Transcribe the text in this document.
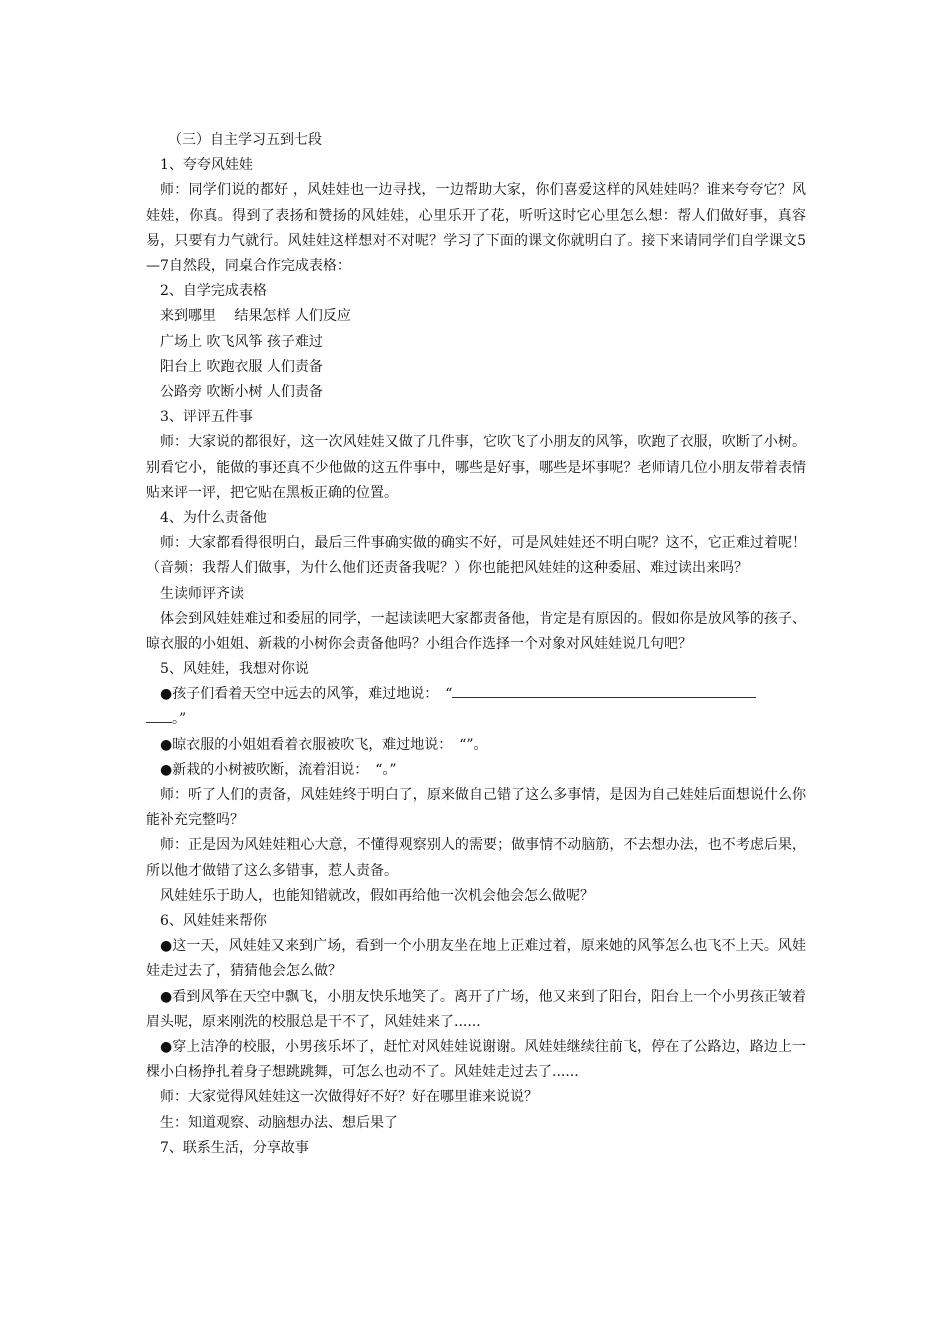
（三）自主学习五到七段
1、夸夸风娃娃
师：同学们说的都好 ，风娃娃也一边寻找，一边帮助大家，你们喜爱这样的风娃娃吗？谁来夸夸它？风娃娃，你真。得到了表扬和赞扬的风娃娃，心里乐开了花，听听这时它心里怎么想：帮人们做好事，真容易，只要有力气就行。风娃娃这样想对不对呢？学习了下面的课文你就明白了。接下来请同学们自学课文5—7自然段，同桌合作完成表格：
2、自学完成表格
来到哪里　 结果怎样 人们反应
广场上 吹飞风筝 孩子难过
阳台上 吹跑衣服 人们责备
公路旁 吹断小树 人们责备
3、评评五件事
师：大家说的都很好，这一次风娃娃又做了几件事，它吹飞了小朋友的风筝，吹跑了衣服，吹断了小树。别看它小，能做的事还真不少他做的这五件事中，哪些是好事，哪些是坏事呢？老师请几位小朋友带着表情贴来评一评，把它贴在黑板正确的位置。
4、为什么责备他
师：大家都看得很明白，最后三件事确实做的确实不好，可是风娃娃还不明白呢？这不，它正难过着呢！（音频：我帮人们做事，为什么他们还责备我呢？）你也能把风娃娃的这种委屈、难过读出来吗？
生读师评齐读
体会到风娃娃难过和委屈的同学，一起读读吧大家都责备他，肯定是有原因的。假如你是放风筝的孩子、晾衣服的小姐姐、新栽的小树你会责备他吗？小组合作选择一个对象对风娃娃说几句吧？
5、风娃娃，我想对你说
●孩子们看着天空中远去的风筝，难过地说：　“
。”
●晾衣服的小姐姐看着衣服被吹飞，难过地说：　“”。
●新栽的小树被吹断，流着泪说：　“。”
师：听了人们的责备，风娃娃终于明白了，原来做自己错了这么多事情，是因为自己娃娃后面想说什么你能补充完整吗？
师：正是因为风娃娃粗心大意，不懂得观察别人的需要；做事情不动脑筋，不去想办法，也不考虑后果，所以他才做错了这么多错事，惹人责备。
风娃娃乐于助人，也能知错就改，假如再给他一次机会他会怎么做呢？
6、风娃娃来帮你
●这一天，风娃娃又来到广场，看到一个小朋友坐在地上正难过着，原来她的风筝怎么也飞不上天。风娃娃走过去了，猜猜他会怎么做？
●看到风筝在天空中飘飞，小朋友快乐地笑了。离开了广场，他又来到了阳台，阳台上一个小男孩正皱着眉头呢，原来刚洗的校服总是干不了，风娃娃来了......
●穿上洁净的校服，小男孩乐坏了，赶忙对风娃娃说谢谢。风娃娃继续往前飞，停在了公路边，路边上一棵小白杨挣扎着身子想跳跳舞，可怎么也动不了。风娃娃走过去了......
师：大家觉得风娃娃这一次做得好不好？好在哪里谁来说说？
生：知道观察、动脑想办法、想后果了
7、联系生活，分享故事
